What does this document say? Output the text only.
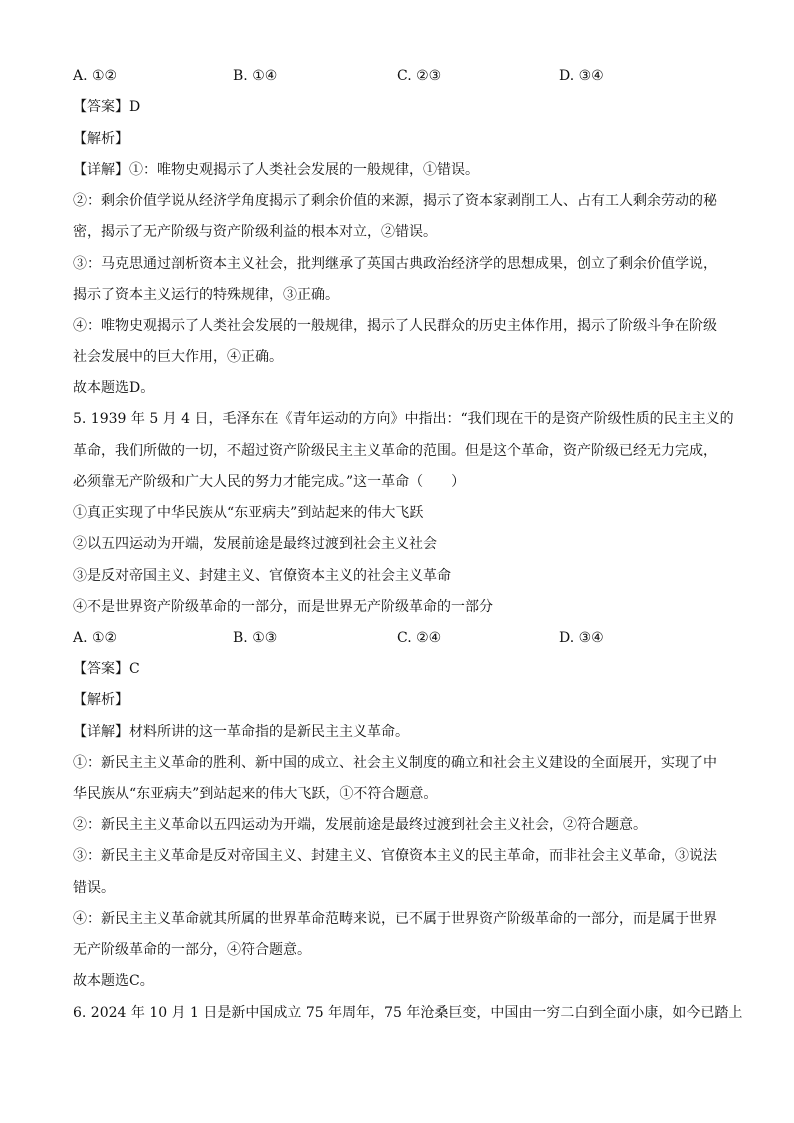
A. ①②	B. ①④	C. ②③	D. ③④
【答案】D
【解析】
【详解】①：唯物史观揭示了人类社会发展的一般规律，①错误。
②：剩余价值学说从经济学角度揭示了剩余价值的来源，揭示了资本家剥削工人、占有工人剩余劳动的秘
密，揭示了无产阶级与资产阶级利益的根本对立，②错误。
③：马克思通过剖析资本主义社会，批判继承了英国古典政治经济学的思想成果，创立了剩余价值学说，
揭示了资本主义运行的特殊规律，③正确。
④：唯物史观揭示了人类社会发展的一般规律，揭示了人民群众的历史主体作用，揭示了阶级斗争在阶级
社会发展中的巨大作用，④正确。
故本题选D。
5. 1939 年 5 月 4 日，毛泽东在《青年运动的方向》中指出：“我们现在干的是资产阶级性质的民主主义的
革命，我们所做的一切，不超过资产阶级民主主义革命的范围。但是这个革命，资产阶级已经无力完成，
必须靠无产阶级和广大人民的努力才能完成。”这一革命（　　）
①真正实现了中华民族从“东亚病夫”到站起来的伟大飞跃
②以五四运动为开端，发展前途是最终过渡到社会主义社会
③是反对帝国主义、封建主义、官僚资本主义的社会主义革命
④不是世界资产阶级革命的一部分，而是世界无产阶级革命的一部分
A. ①②	B. ①③	C. ②④	D. ③④
【答案】C
【解析】
【详解】材料所讲的这一革命指的是新民主主义革命。
①：新民主主义革命的胜利、新中国的成立、社会主义制度的确立和社会主义建设的全面展开，实现了中
华民族从“东亚病夫”到站起来的伟大飞跃，①不符合题意。
②：新民主主义革命以五四运动为开端，发展前途是最终过渡到社会主义社会，②符合题意。
③：新民主主义革命是反对帝国主义、封建主义、官僚资本主义的民主革命，而非社会主义革命，③说法
错误。
④：新民主主义革命就其所属的世界革命范畴来说，已不属于世界资产阶级革命的一部分，而是属于世界
无产阶级革命的一部分，④符合题意。
故本题选C。
6. 2024 年 10 月 1 日是新中国成立 75 年周年，75 年沧桑巨变，中国由一穷二白到全面小康，如今已踏上
